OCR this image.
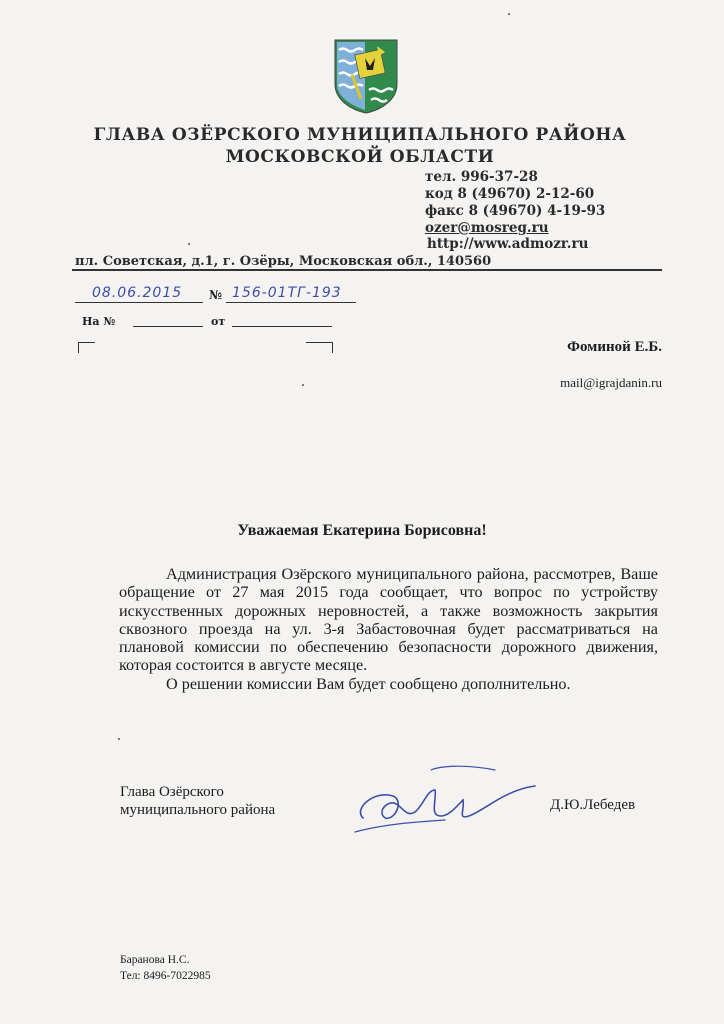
ГЛАВА ОЗЁРСКОГО МУНИЦИПАЛЬНОГО РАЙОНА
МОСКОВСКОЙ ОБЛАСТИ
тел. 996-37-28
код 8 (49670) 2-12-60
факс 8 (49670) 4-19-93
ozer@mosreg.ru
http://www.admozr.ru
пл. Советская, д.1, г. Озёры, Московская обл., 140560
08.06.2015 № 156-01ТГ-193
На №	от
Фоминой Е.Б.
mail@igrajdanin.ru
Уважаемая Екатерина Борисовна!

Администрация Озёрского муниципального района, рассмотрев, Ваше обращение от 27 мая 2015 года сообщает, что вопрос по устройству искусственных дорожных неровностей, а также возможность закрытия сквозного проезда на ул. 3-я Забастовочная будет рассматриваться на плановой комиссии по обеспечению безопасности дорожного движения, которая состоится в августе месяце.

О решении комиссии Вам будет сообщено дополнительно.

Глава Озёрского
муниципального района	Д.Ю.Лебедев
Баранова Н.С.
Тел: 8496-7022985
